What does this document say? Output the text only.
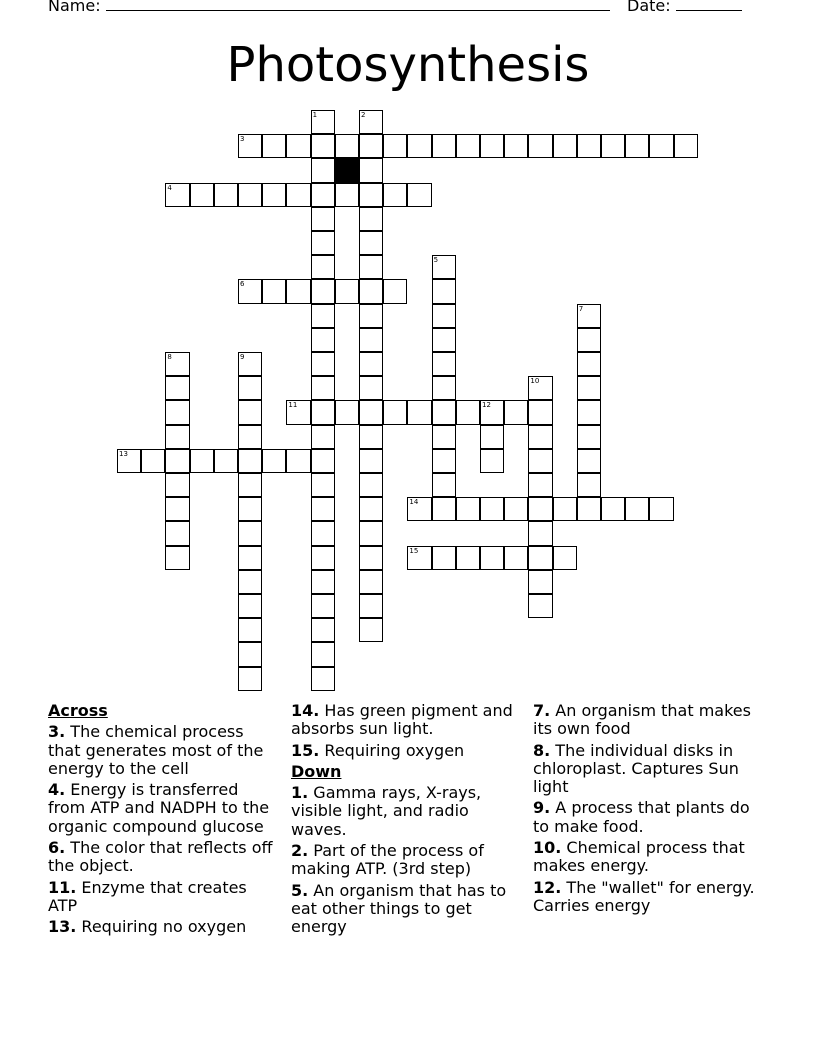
Name:	Date:
Photosynthesis
3
4
6
11	12
13
14
15
1	2
5
7
8	9
10
Across
3. The chemical process that generates most of the energy to the cell
4. Energy is transferred from ATP and NADPH to the organic compound glucose
6. The color that reflects off the object.
11. Enzyme that creates ATP
13. Requiring no oxygen
14. Has green pigment and absorbs sun light.
15. Requiring oxygen
Down
1. Gamma rays, X-rays, visible light, and radio waves.
2. Part of the process of making ATP. (3rd step)
5. An organism that has to eat other things to get energy
7. An organism that makes its own food
8. The individual disks in chloroplast. Captures Sun light
9. A process that plants do to make food.
10. Chemical process that makes energy.
12. The "wallet" for energy. Carries energy
